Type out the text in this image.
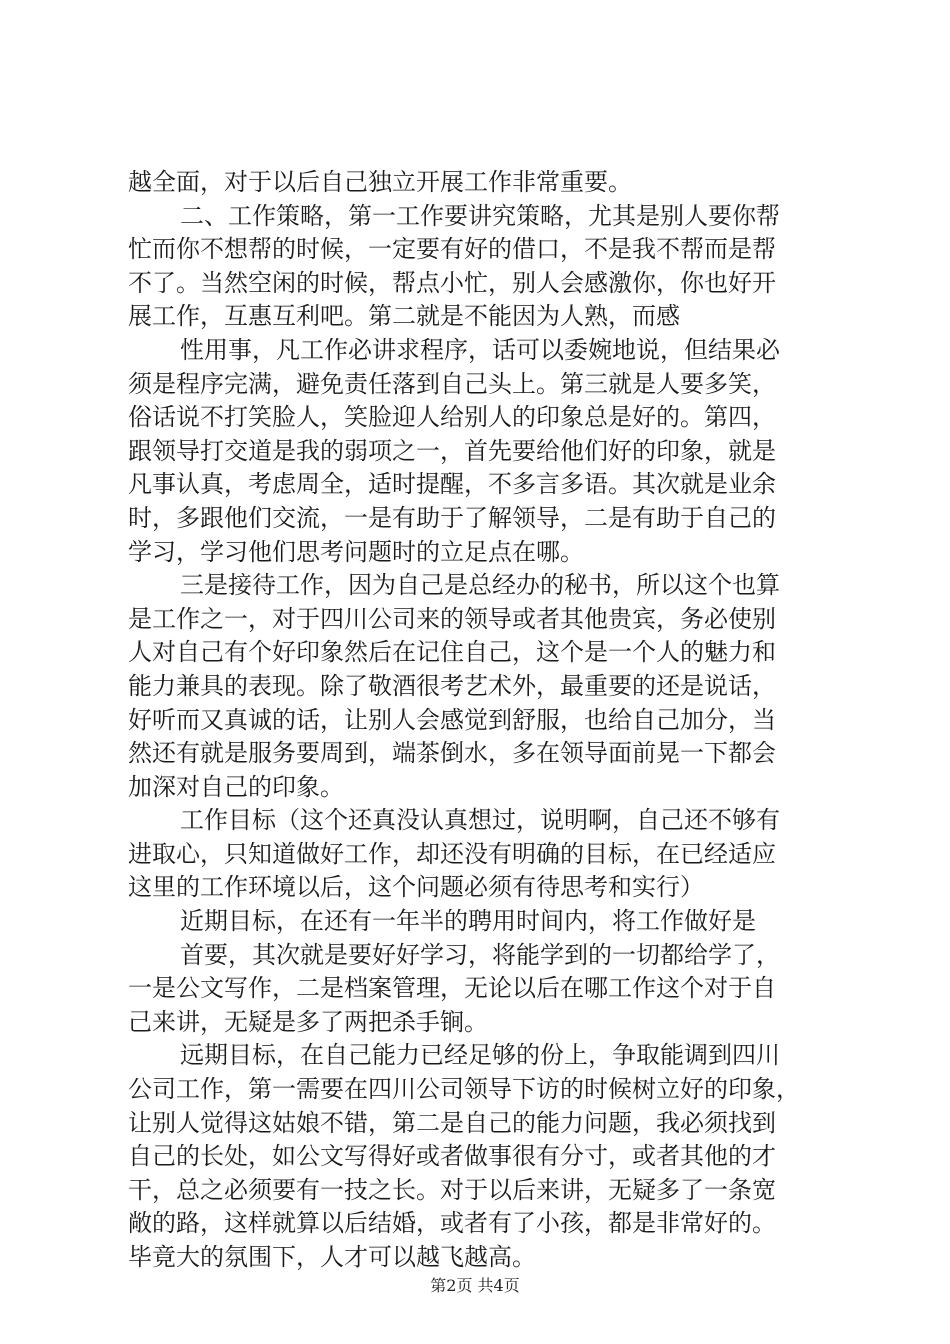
越全面，对于以后自己独立开展工作非常重要。
二、工作策略，第一工作要讲究策略，尤其是别人要你帮
忙而你不想帮的时候，一定要有好的借口，不是我不帮而是帮
不了。当然空闲的时候，帮点小忙，别人会感激你，你也好开
展工作，互惠互利吧。第二就是不能因为人熟，而感
性用事，凡工作必讲求程序，话可以委婉地说，但结果必
须是程序完满，避免责任落到自己头上。第三就是人要多笑，
俗话说不打笑脸人，笑脸迎人给别人的印象总是好的。第四，
跟领导打交道是我的弱项之一，首先要给他们好的印象，就是
凡事认真，考虑周全，适时提醒，不多言多语。其次就是业余
时，多跟他们交流，一是有助于了解领导，二是有助于自己的
学习，学习他们思考问题时的立足点在哪。
三是接待工作，因为自己是总经办的秘书，所以这个也算
是工作之一，对于四川公司来的领导或者其他贵宾，务必使别
人对自己有个好印象然后在记住自己，这个是一个人的魅力和
能力兼具的表现。除了敬酒很考艺术外，最重要的还是说话，
好听而又真诚的话，让别人会感觉到舒服，也给自己加分，当
然还有就是服务要周到，端茶倒水，多在领导面前晃一下都会
加深对自己的印象。
工作目标（这个还真没认真想过，说明啊，自己还不够有
进取心，只知道做好工作，却还没有明确的目标，在已经适应
这里的工作环境以后，这个问题必须有待思考和实行）
近期目标，在还有一年半的聘用时间内，将工作做好是
首要，其次就是要好好学习，将能学到的一切都给学了，
一是公文写作，二是档案管理，无论以后在哪工作这个对于自
己来讲，无疑是多了两把杀手锏。
远期目标，在自己能力已经足够的份上，争取能调到四川
公司工作，第一需要在四川公司领导下访的时候树立好的印象，
让别人觉得这姑娘不错，第二是自己的能力问题，我必须找到
自己的长处，如公文写得好或者做事很有分寸，或者其他的才
干，总之必须要有一技之长。对于以后来讲，无疑多了一条宽
敞的路，这样就算以后结婚，或者有了小孩，都是非常好的。
毕竟大的氛围下，人才可以越飞越高。
第2页 共4页
